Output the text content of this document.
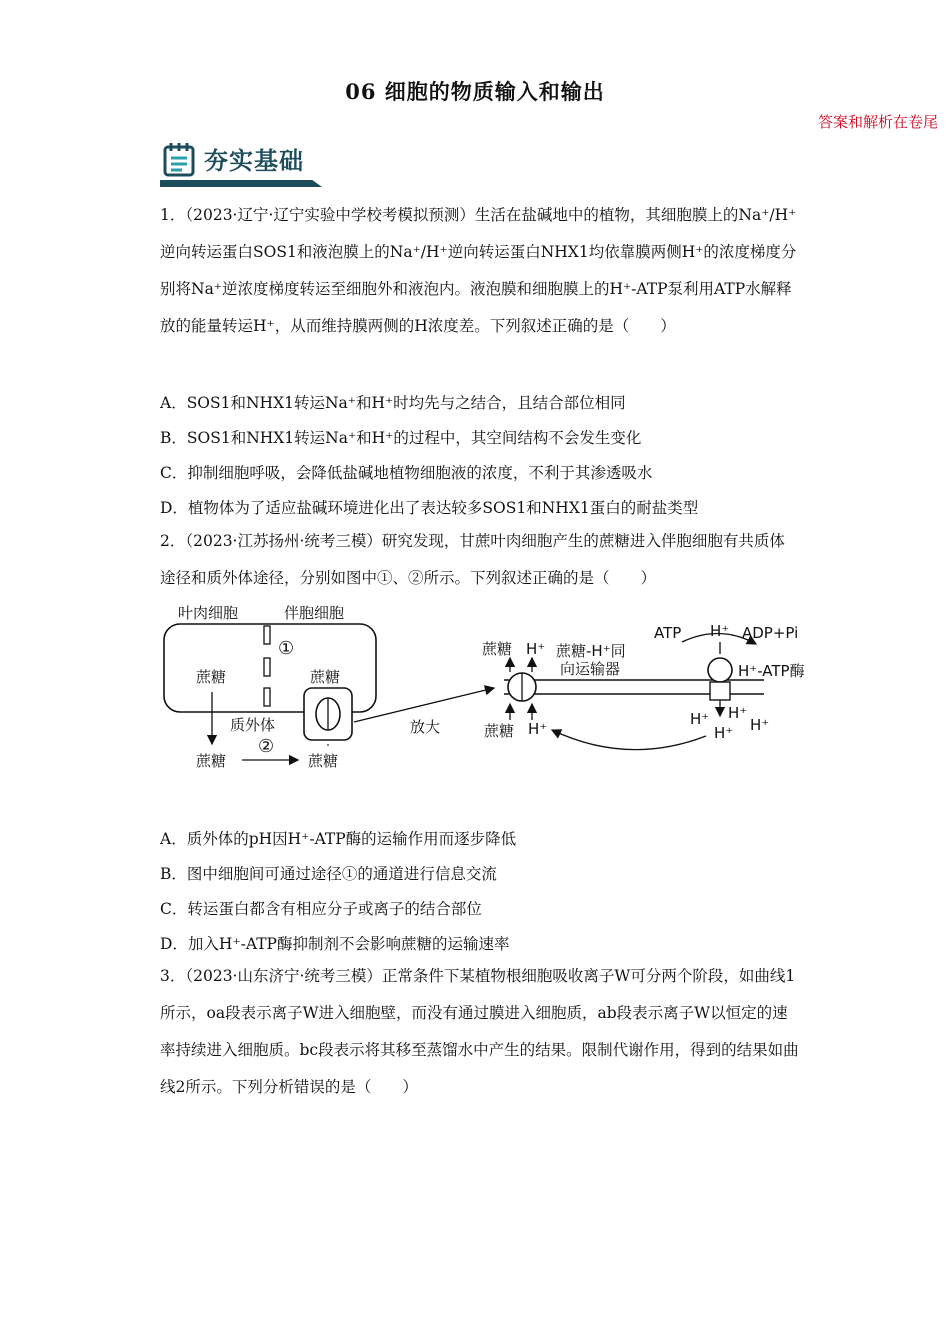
06 细胞的物质输入和输出
答案和解析在卷尾
夯实基础
1．（2023·辽宁·辽宁实验中学校考模拟预测）生活在盐碱地中的植物，其细胞膜上的Na⁺/H⁺逆向转运蛋白SOS1和液泡膜上的Na⁺/H⁺逆向转运蛋白NHX1均依靠膜两侧H⁺的浓度梯度分别将Na⁺逆浓度梯度转运至细胞外和液泡内。液泡膜和细胞膜上的H⁺-ATP泵利用ATP水解释放的能量转运H⁺，从而维持膜两侧的H浓度差。下列叙述正确的是（　　）
A．SOS1和NHX1转运Na⁺和H⁺时均先与之结合，且结合部位相同
B．SOS1和NHX1转运Na⁺和H⁺的过程中，其空间结构不会发生变化
C．抑制细胞呼吸，会降低盐碱地植物细胞液的浓度，不利于其渗透吸水
D．植物体为了适应盐碱环境进化出了表达较多SOS1和NHX1蛋白的耐盐类型
2．（2023·江苏扬州·统考三模）研究发现，甘蔗叶肉细胞产生的蔗糖进入伴胞细胞有共质体途径和质外体途径，分别如图中①、②所示。下列叙述正确的是（　　）
叶肉细胞	伴胞细胞
①
蔗糖	蔗糖
质外体
蔗糖
②
蔗糖
放大
蔗糖 H⁺ 蔗糖-H⁺同
向运输器
蔗糖 H⁺
ATP H⁺ ADP+Pi
H⁺-ATP酶
H⁺ H⁺
H⁺ H⁺
A．质外体的pH因H⁺-ATP酶的运输作用而逐步降低
B．图中细胞间可通过途径①的通道进行信息交流
C．转运蛋白都含有相应分子或离子的结合部位
D．加入H⁺-ATP酶抑制剂不会影响蔗糖的运输速率
3．（2023·山东济宁·统考三模）正常条件下某植物根细胞吸收离子W可分两个阶段，如曲线1所示，oa段表示离子W进入细胞壁，而没有通过膜进入细胞质，ab段表示离子W以恒定的速率持续进入细胞质。bc段表示将其移至蒸馏水中产生的结果。限制代谢作用，得到的结果如曲线2所示。下列分析错误的是（　　）
